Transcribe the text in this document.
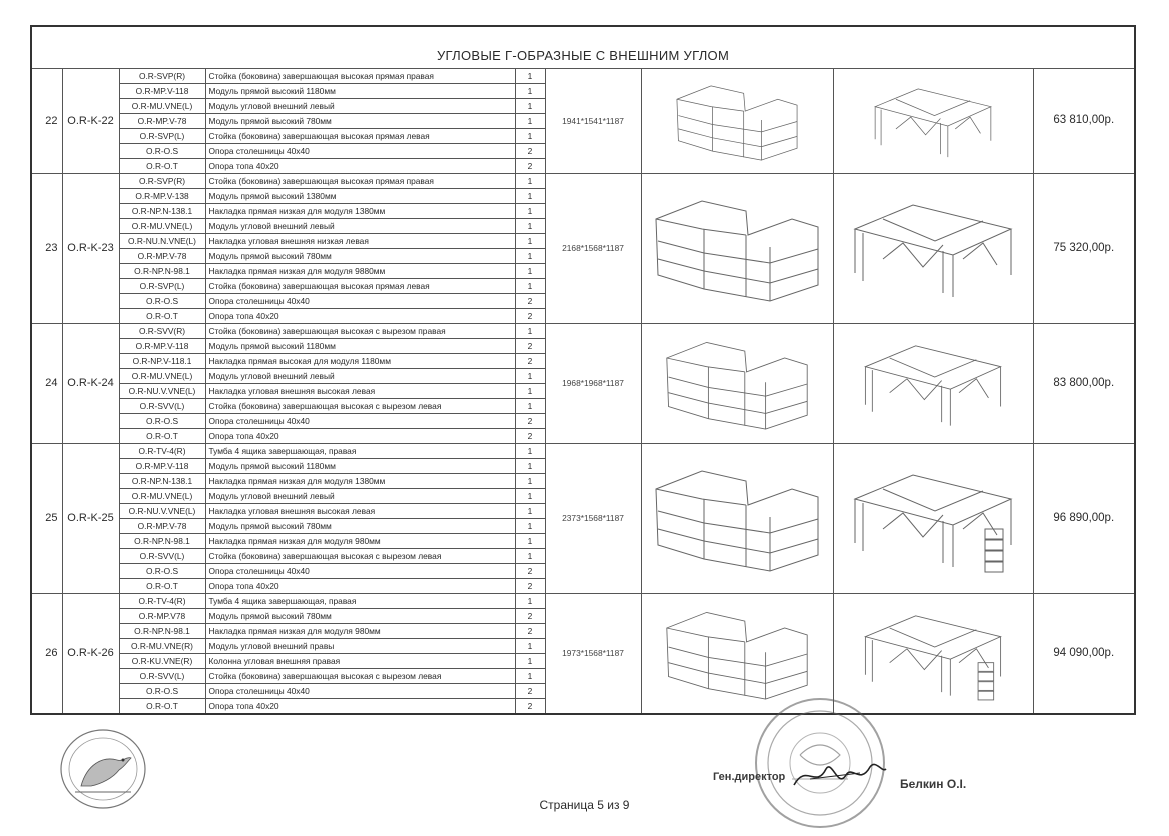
УГЛОВЫЕ Г-ОБРАЗНЫЕ С ВНЕШНИМ УГЛОМ								
22	O.R-K-22	O.R-SVP(R)	Стойка (боковина) завершающая высокая прямая правая	1	1941*1541*1187			63 810,00р.
		O.R-MP.V-118	Модуль прямой высокий 1180мм	1				
		O.R-MU.VNE(L)	Модуль угловой внешний левый	1				
		O.R-MP.V-78	Модуль прямой высокий 780мм	1				
		O.R-SVP(L)	Стойка (боковина) завершающая высокая прямая левая	1				
		O.R-O.S	Опора столешницы 40х40	2				
		O.R-O.T	Опора топа 40х20	2				
23	O.R-K-23	O.R-SVP(R)	Стойка (боковина) завершающая высокая прямая правая	1	2168*1568*1187			75 320,00р.
		O.R-MP.V-138	Модуль прямой высокий 1380мм	1				
		O.R-NP.N-138.1	Накладка прямая низкая для модуля 1380мм	1				
		O.R-MU.VNE(L)	Модуль угловой внешний левый	1				
		O.R-NU.N.VNE(L)	Накладка угловая внешняя низкая левая	1				
		O.R-MP.V-78	Модуль прямой высокий 780мм	1				
		O.R-NP.N-98.1	Накладка прямая низкая для модуля 9880мм	1				
		O.R-SVP(L)	Стойка (боковина) завершающая высокая прямая левая	1				
		O.R-O.S	Опора столешницы 40х40	2				
		O.R-O.T	Опора топа 40х20	2				
24	O.R-K-24	O.R-SVV(R)	Стойка (боковина) завершающая высокая с вырезом правая	1	1968*1968*1187			83 800,00р.
		O.R-MP.V-118	Модуль прямой высокий 1180мм	2				
		O.R-NP.V-118.1	Накладка прямая высокая для модуля 1180мм	2				
		O.R-MU.VNE(L)	Модуль угловой внешний левый	1				
		O.R-NU.V.VNE(L)	Накладка угловая внешняя высокая левая	1				
		O.R-SVV(L)	Стойка (боковина) завершающая высокая с вырезом левая	1				
		O.R-O.S	Опора столешницы 40х40	2				
		O.R-O.T	Опора топа 40х20	2				
25	O.R-K-25	O.R-TV-4(R)	Тумба 4 ящика завершающая, правая	1	2373*1568*1187			96 890,00р.
		O.R-MP.V-118	Модуль прямой высокий 1180мм	1				
		O.R-NP.N-138.1	Накладка прямая низкая для модуля 1380мм	1				
		O.R-MU.VNE(L)	Модуль угловой внешний левый	1				
		O.R-NU.V.VNE(L)	Накладка угловая внешняя высокая левая	1				
		O.R-MP.V-78	Модуль прямой высокий 780мм	1				
		O.R-NP.N-98.1	Накладка прямая низкая для модуля 980мм	1				
		O.R-SVV(L)	Стойка (боковина) завершающая высокая с вырезом левая	1				
		O.R-O.S	Опора столешницы 40х40	2				
		O.R-O.T	Опора топа 40х20	2				
26	O.R-K-26	O.R-TV-4(R)	Тумба 4 ящика завершающая, правая	1	1973*1568*1187			94 090,00р.
		O.R-MP.V78	Модуль прямой высокий 780мм	2				
		O.R-NP.N-98.1	Накладка прямая низкая для модуля 980мм	2				
		O.R-MU.VNE(R)	Модуль угловой внешний правы	1				
		O.R-KU.VNE(R)	Колонна угловая внешняя правая	1				
		O.R-SVV(L)	Стойка (боковина) завершающая высокая с вырезом левая	1				
		O.R-O.S	Опора столешницы 40х40	2				
		O.R-O.T	Опора топа 40х20	2				
Ген.директор	Белкин О.І.
Страница 5 из 9
